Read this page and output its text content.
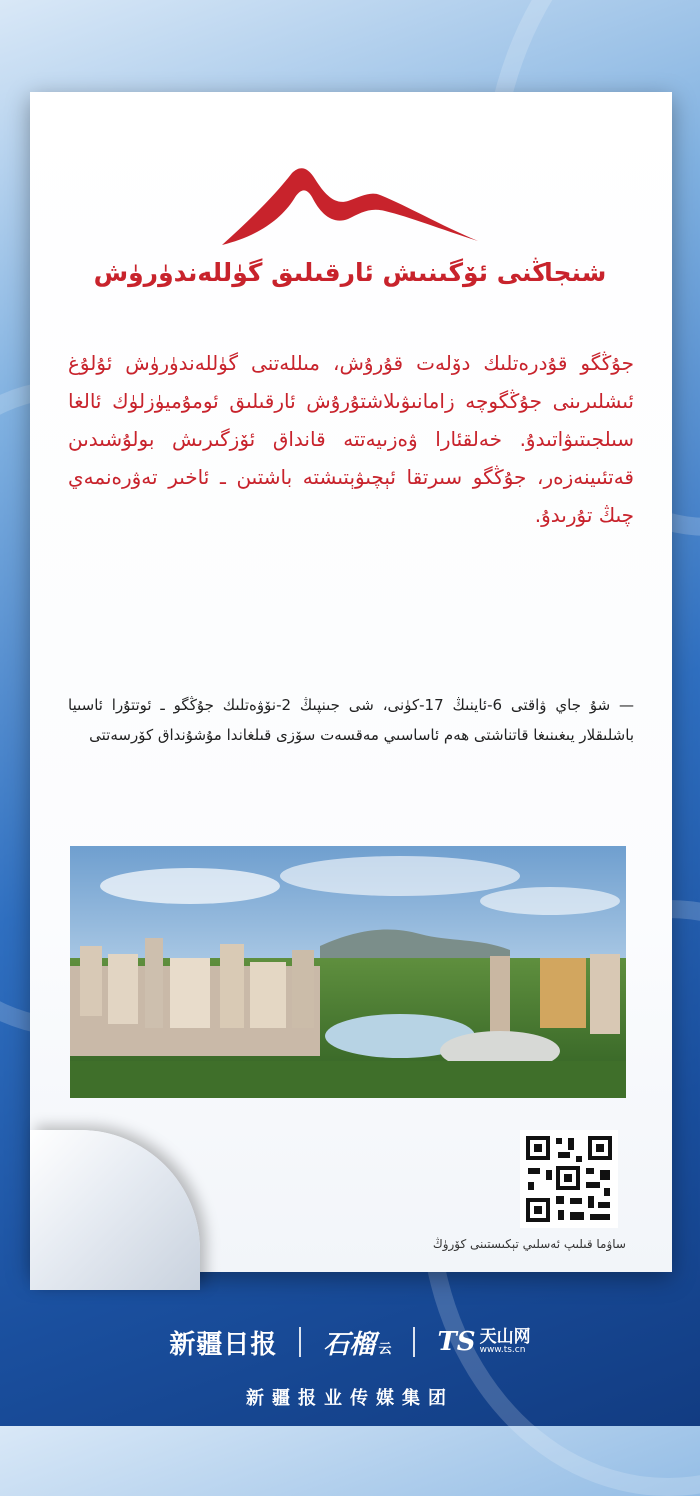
شنجاڭنى ئۆگىنىش ئارقىلىق گۈللەندۈرۈش
جۇڭگو قۇدرەتلىك دۆلەت قۇرۇش، مىللەتنى گۈللەندۈرۈش ئۇلۇغ ئىشلىرىنى جۇڭگوچە زامانىۋىلاشتۇرۇش ئارقىلىق ئومۇميۈزلۈك ئالغا سىلجىتىۋاتىدۇ. خەلقئارا ۋەزىيەتتە قانداق ئۆزگىرىش بولۇشىدىن قەتئىينەزەر، جۇڭگو سىرتقا ئېچىۋېتىشتە باشتىن ـ ئاخىر تەۋرەنمەي چىڭ تۇرىدۇ.
— شۇ جاي ۋاقتى 6-ئاينىڭ 17-كۈنى، شى جىنپىڭ 2-نۆۋەتلىك جۇڭگو ـ ئوتتۇرا ئاسىيا باشلىقلار يىغىنىغا قاتناشتى ھەم ئاساسىي مەقسەت سۆزى قىلغاندا مۇشۇنداق كۆرسەتتى
ساۋما قىلىپ ئەسلىي تېكىستىنى كۆرۈڭ
新疆日报 石榴 云 TS 天山网
www.ts.cn
新疆报业传媒集团
